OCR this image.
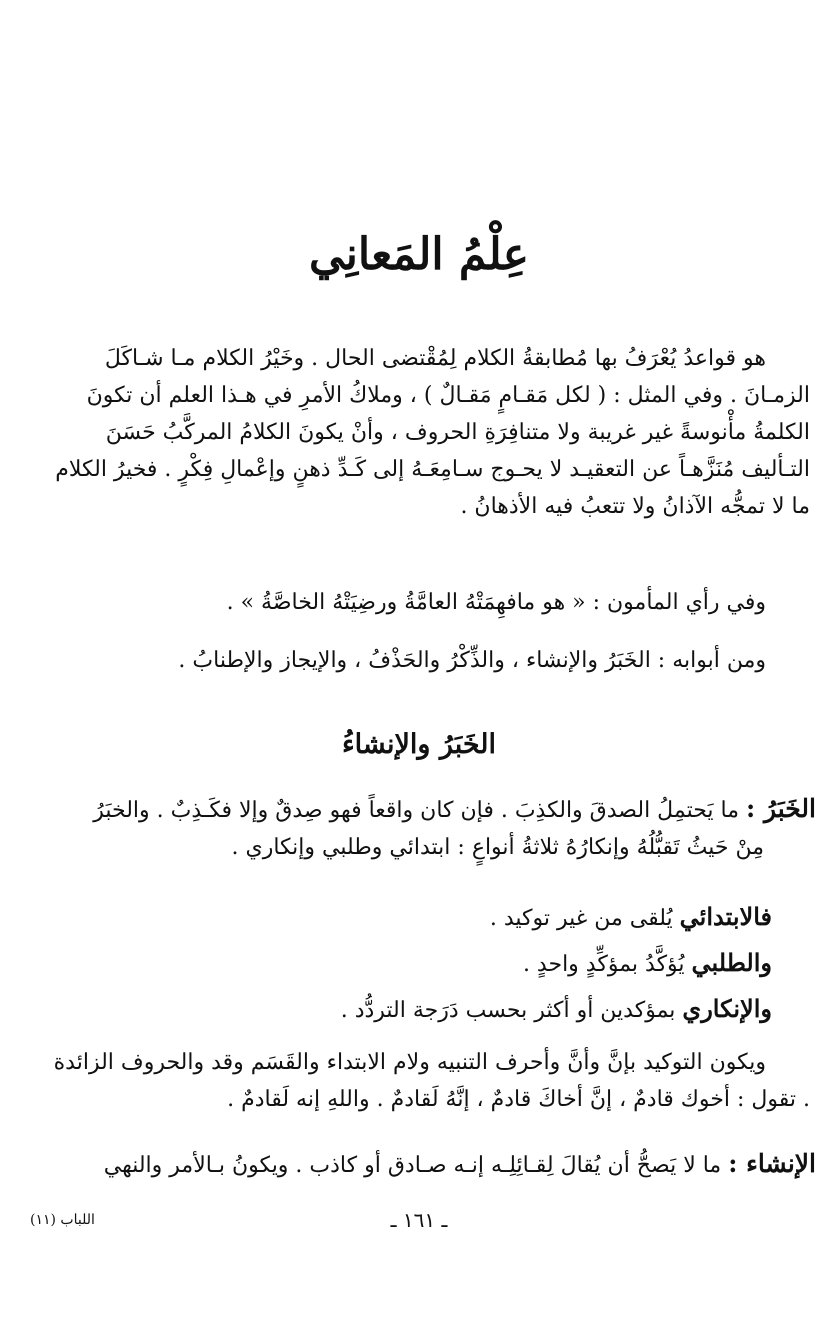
عِلْمُ المَعانِي
هو قواعدُ يُعْرَفُ بها مُطابقةُ الكلام لِمُقْتضى الحال . وخَيْرُ الكلام مـا شـاكَلَ الزمـانَ . وفي المثل : ( لكل مَقـامٍ مَقـالٌ ) ، وملاكُ الأمرِ في هـذا العلم أن تكونَ الكلمةُ مأْنوسةً غير غريبة ولا متنافِرَةِ الحروف ، وأنْ يكونَ الكلامُ المركَّبُ حَسَنَ التـأليف مُنَزَّهـاً عن التعقيـد لا يحـوج سـامِعَـهُ إلى كَـدِّ ذهنٍ وإعْمالِ فِكْرٍ . فخيرُ الكلام ما لا تمجُّه الآذانُ ولا تتعبُ فيه الأذهانُ .
وفي رأي المأمون : « هو مافهِمَتْهُ العامَّةُ ورضِيَتْهُ الخاصَّةُ » .
ومن أبوابه : الخَبَرُ والإنشاء ، والذِّكْرُ والحَذْفُ ، والإيجاز والإطنابُ .
الخَبَرُ والإنشاءُ
الخَبَرُ : ما يَحتمِلُ الصدقَ والكذِبَ . فإن كان واقعاً فهو صِدقٌ وإلا فكَـذِبٌ . والخبَرُ
مِنْ حَيثُ تَقبُّلُهُ وإنكارُهُ ثلاثةُ أنواعٍ : ابتدائي وطلبي وإنكاري .
فالابتدائي يُلقى من غير توكيد .
والطلبي يُؤكَّدُ بمؤكِّدٍ واحدٍ .
والإنكاري بمؤكدين أو أكثر بحسب دَرَجة التردُّد .
ويكون التوكيد بإنَّ وأنَّ وأحرف التنبيه ولام الابتداء والقَسَم وقد والحروف الزائدة . تقول : أخوك قادمٌ ، إنَّ أخاكَ قادمٌ ، إنَّهُ لَقادمٌ . واللهِ إنه لَقادمٌ .
الإنشاء : ما لا يَصحُّ أن يُقالَ لِقـائِلِـه إنـه صـادق أو كاذب . ويكونُ بـالأمر والنهي
ـ ١٦١ ـ
اللباب (١١)
